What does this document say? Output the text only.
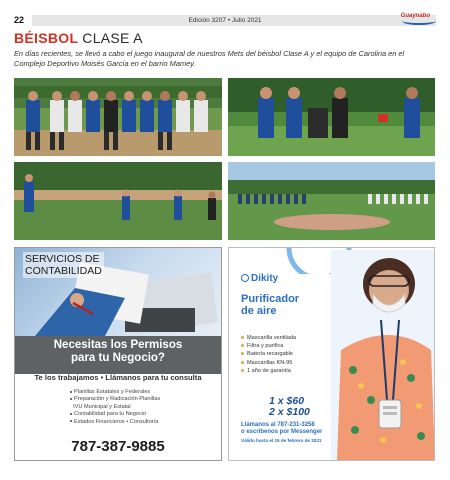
22	Edición 3207 • Julio 2021
Guaynabo
BÉISBOL CLASE A
En días recientes, se llevó a cabo el juego inaugural de nuestros Mets del béisbol Clase A y el equipo de Carolina en el Complejo Deportivo Moisés García en el barrio Mamey.
SERVICIOS DE
CONTABILIDAD
Necesitas los Permisos
para tu Negocio?
Te los trabajamos • Llámanos para tu consulta
Planillas Estatales y Federales
Preparación y Radicación Planillas
IVU Municipal y Estatal
Contabilidad para tu Negocio
Estados Financieros • Consultoría
787-387-9885
Dikity
Purificador
de aire
Mascarilla ventilada
Filtra y purifica
Batería recargable
Mascarillas KN-95
1 año de garantía
1 x $60
2 x $100
Llámanos al 787-231-3258
o escríbenos por Messenger
Válido hasta el 15 de febrero de 2021
